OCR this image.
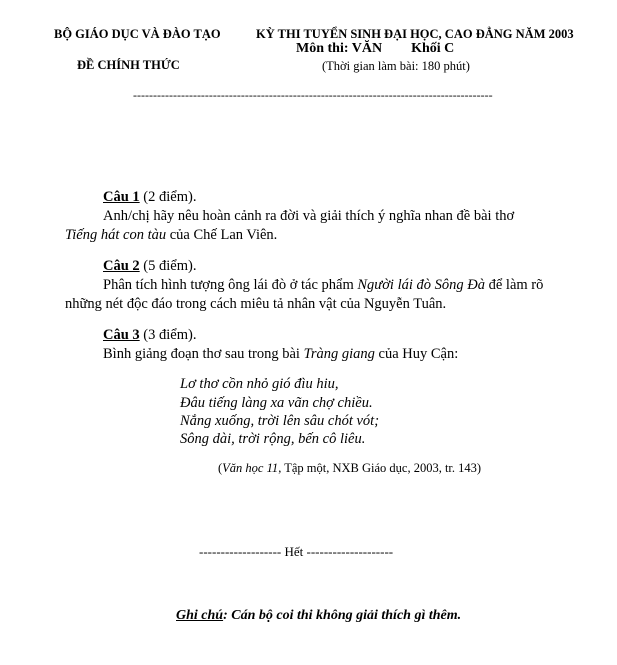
BỘ GIÁO DỤC VÀ ĐÀO TẠO
ĐỀ CHÍNH THỨC
KỲ THI TUYỂN SINH ĐẠI HỌC, CAO ĐẲNG NĂM 2003
Môn thi: VĂN Khối C
(Thời gian làm bài: 180 phút)
------------------------------------------------------------------------------------------
Câu 1 (2 điểm).
Anh/chị hãy nêu hoàn cảnh ra đời và giải thích ý nghĩa nhan đề bài thơ
Tiếng hát con tàu của Chế Lan Viên.
Câu 2 (5 điểm).
Phân tích hình tượng ông lái đò ở tác phẩm Người lái đò Sông Đà để làm rõ
những nét độc đáo trong cách miêu tả nhân vật của Nguyễn Tuân.
Câu 3 (3 điểm).
Bình giảng đoạn thơ sau trong bài Tràng giang của Huy Cận:
Lơ thơ cồn nhỏ gió đìu hiu,
Đâu tiếng làng xa vãn chợ chiều.
Nắng xuống, trời lên sâu chót vót;
Sông dài, trời rộng, bến cô liêu.
(Văn học 11, Tập một, NXB Giáo dục, 2003, tr. 143)
------------------- Hết --------------------
Ghi chú: Cán bộ coi thi không giải thích gì thêm.
